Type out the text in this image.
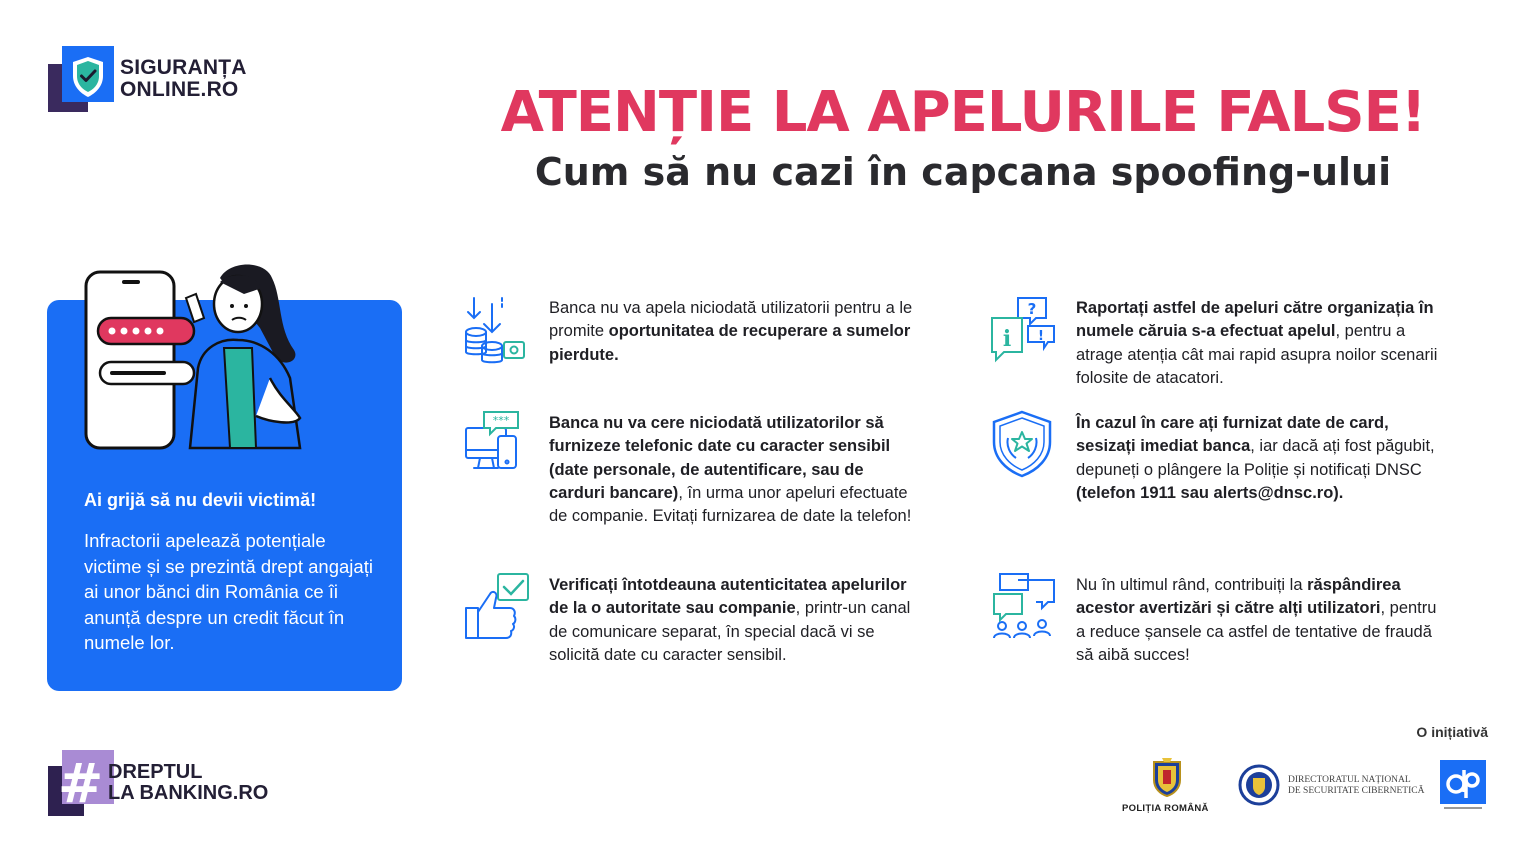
SIGURANȚA
ONLINE.RO	ATENȚIE LA APELURILE FALSE!
Cum să nu cazi în capcana spoofing-ului
Ai grijă să nu devii victimă!
Infractorii apelează potențiale victime și se prezintă drept angajați ai unor bănci din România ce îi anunță despre un credit făcut în numele lor.
***
?
!
i
Banca nu va apela niciodată utilizatorii pentru a le promite oportunitatea de recuperare a sumelor pierdute.
Banca nu va cere niciodată utilizatorilor să furnizeze telefonic date cu caracter sensibil (date personale, de autentificare, sau de carduri bancare), în urma unor apeluri efectuate de companie. Evitați furnizarea de date la telefon!
Verificați întotdeauna autenticitatea apelurilor de la o autoritate sau companie, printr-un canal de comunicare separat, în special dacă vi se solicită date cu caracter sensibil.
Raportați astfel de apeluri către organizația în numele căruia s-a efectuat apelul, pentru a atrage atenția cât mai rapid asupra noilor scenarii folosite de atacatori.
În cazul în care ați furnizat date de card, sesizați imediat banca, iar dacă ați fost păgubit, depuneți o plângere la Poliție și notificați DNSC (telefon 1911 sau alerts@dnsc.ro).
Nu în ultimul rând, contribuiți la răspândirea acestor avertizări și către alți utilizatori, pentru a reduce șansele ca astfel de tentative de fraudă să aibă succes!
# DREPTUL
LA BANKING.RO
O inițiativă
POLIȚIA ROMÂNĂ
DIRECTORATUL NAȚIONAL
DE SECURITATE CIBERNETICĂ
